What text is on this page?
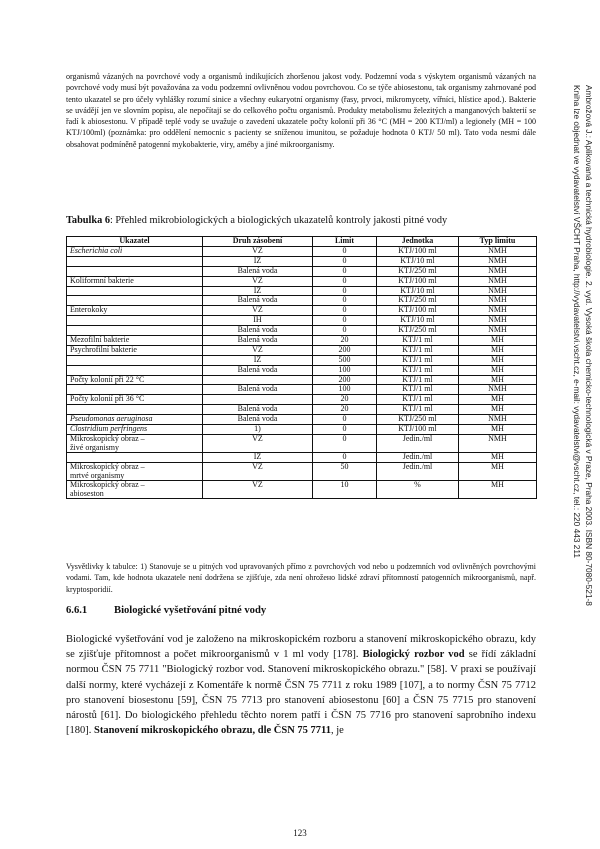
organismů vázaných na povrchové vody a organismů indikujících zhoršenou jakost vody. Podzemní voda s výskytem organismů vázaných na povrchové vody musí být považována za vodu podzemní ovlivněnou vodou povrchovou. Co se týče abiosestonu, tak organismy zahrnované pod tento ukazatel se pro účely vyhlášky rozumí sinice a všechny eukaryotní organismy (řasy, prvoci, mikromycety, vířníci, hlístice apod.). Bakterie se uvádějí jen ve slovním popisu, ale nepočítají se do celkového počtu organismů. Produkty metabolismu železitých a manganových bakterií se řadí k abiosestonu. V případě teplé vody se uvažuje o zavedení ukazatele počty kolonií při 36 °C (MH = 200 KTJ/ml) a legionely (MH = 100 KTJ/100ml) (poznámka: pro oddělení nemocnic s pacienty se sníženou imunitou, se požaduje hodnota 0 KTJ/ 50 ml). Tato voda nesmí dále obsahovat podmíněně patogenní mykobakterie, viry, améby a jiné mikroorganismy.	Ambrožová J.: Aplikovaná a technická hydrobiologie. 2. vyd. Vysoká škola chemicko-technologická v Praze, Praha 2003. ISBN 80-7080-521-8
Kniha lze objednat ve vydavatelství VŠCHT Praha, http://vydavatelstvi.vscht.cz, e-mail: vydavatelstvi@vscht.cz, tel.: 220 443 211
Tabulka 6: Přehled mikrobiologických a biologických ukazatelů kontroly jakosti pitné vody
Ukazatel	Druh zásobení	Limit	Jednotka	Typ limitu

Escherichia coli	VZ	0	KTJ/100 ml	NMH

	IZ	0	KTJ/10 ml	NMH

	Balená voda	0	KTJ/250 ml	NMH

Koliformní bakterie	VZ	0	KTJ/100 ml	NMH

	IZ	0	KTJ/10 ml	NMH

	Balená voda	0	KTJ/250 ml	NMH

Enterokoky	VZ	0	KTJ/100 ml	NMH

	IH	0	KTJ/10 ml	NMH

	Balená voda	0	KTJ/250 ml	NMH

Mezofilní bakterie	Balená voda	20	KTJ/1 ml	MH

Psychrofilní bakterie	VZ	200	KTJ/1 ml	MH

	IZ	500	KTJ/1 ml	MH

	Balená voda	100	KTJ/1 ml	MH

Počty kolonií při 22 °C		200	KTJ/1 ml	MH

	Balená voda	100	KTJ/1 ml	NMH

Počty kolonií při 36 °C		20	KTJ/1 ml	MH

	Balená voda	20	KTJ/1 ml	MH

Pseudomonas aeruginosa	Balená voda	0	KTJ/250 ml	NMH

Clostridium perfringens	1)	0	KTJ/100 ml	MH

Mikroskopický obraz –
živé organismy	VZ	0	Jedin./ml	NMH

	IZ	0	Jedin./ml	MH

Mikroskopický obraz –
mrtvé organismy	VZ	50	Jedin./ml	MH

Mikroskopický obraz –
abioseston	VZ	10	%	MH
Vysvětlivky k tabulce: 1) Stanovuje se u pitných vod upravovaných přímo z povrchových vod nebo u podzemních vod ovlivněných povrchovými vodami. Tam, kde hodnota ukazatele není dodržena se zjišťuje, zda není ohrožено lidské zdraví přítomností patogenních mikroorganismů, např. kryptosporidií.
6.6.1	Biologické vyšetřování pitné vody
Biologické vyšetřování vod je založeno na mikroskopickém rozboru a stanovení mikroskopického obrazu, kdy se zjišťuje přítomnost a počet mikroorganismů v 1 ml vody [178]. Biologický rozbor vod se řídí základní normou ČSN 75 7711 "Biologický rozbor vod. Stanovení mikroskopického obrazu." [58]. V praxi se používají další normy, které vycházejí z Komentáře k normě ČSN 75 7711 z roku 1989 [107], a to normy ČSN 75 7712 pro stanovení biosestonu [59], ČSN 75 7713 pro stanovení abiosestonu [60] a ČSN 75 7715 pro stanovení nárostů [61]. Do biologického přehledu těchto norem patří i ČSN 75 7716 pro stanovení saprobního indexu [180]. Stanovení mikroskopického obrazu, dle ČSN 75 7711, je
123
